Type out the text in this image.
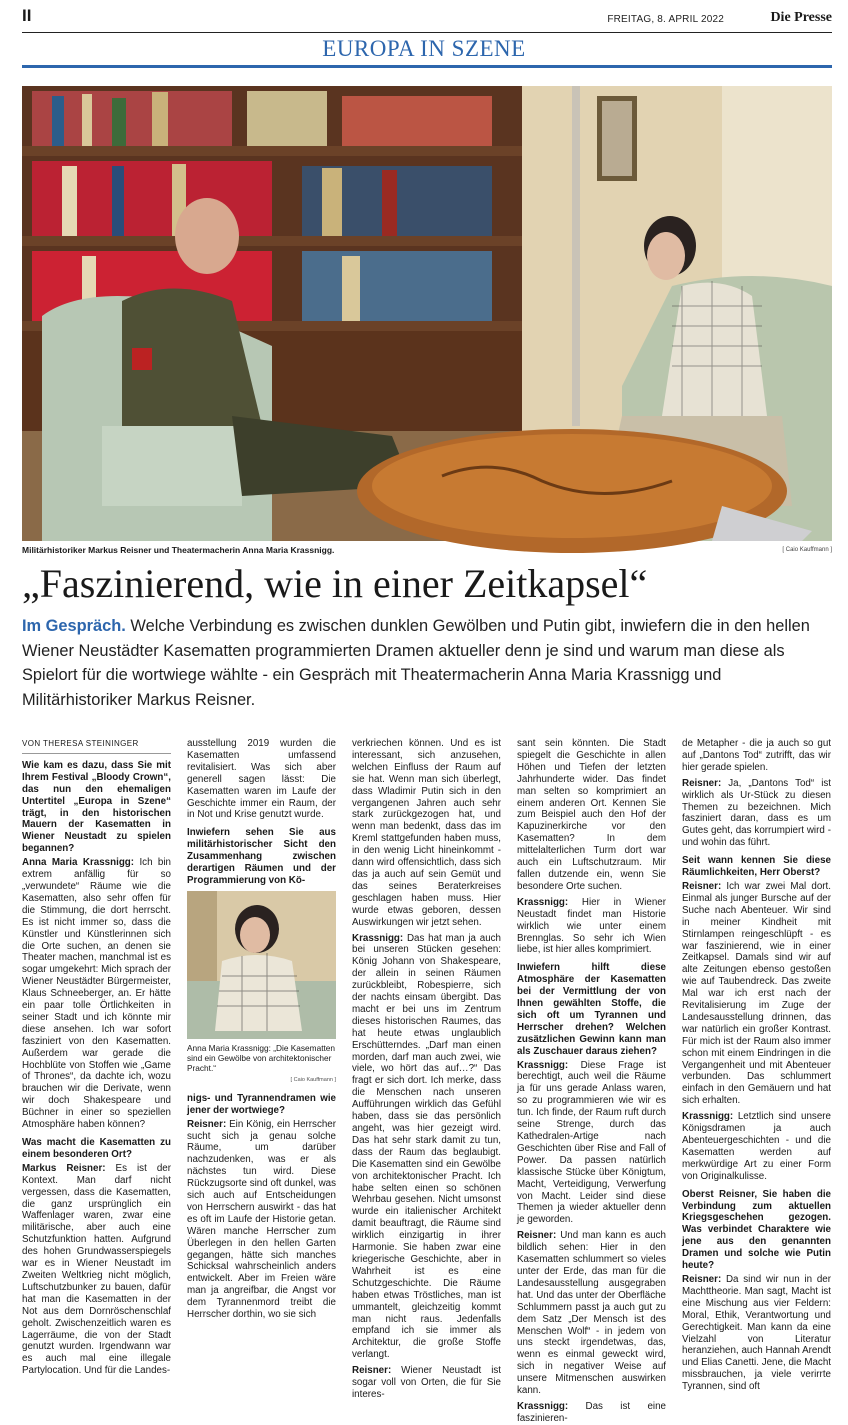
II	FREITAG, 8. APRIL 2022	Die Presse
EUROPA IN SZENE
Militärhistoriker Markus Reisner und Theatermacherin Anna Maria Krassnigg.	[ Caio Kauffmann ]
„Faszinierend, wie in einer Zeitkapsel“
Im Gespräch. Welche Verbindung es zwischen dunklen Gewölben und Putin gibt, inwiefern die in den hellen Wiener Neustädter Kasematten programmierten Dramen aktueller denn je sind und warum man diese als Spielort für die wortwiege wählte - ein Gespräch mit Theatermacherin Anna Maria Krassnigg und Militärhistoriker Markus Reisner.
VON THERESA STEININGER

Wie kam es dazu, dass Sie mit Ihrem Festival „Bloody Crown“, das nun den ehemaligen Untertitel „Europa in Szene“ trägt, in den historischen Mauern der Kasematten in Wiener Neustadt zu spielen begannen?

Anna Maria Krassnigg: Ich bin extrem anfällig für so „verwundete“ Räume wie die Kasematten, also sehr offen für die Stimmung, die dort herrscht. Es ist nicht immer so, dass die Künstler und Künstlerinnen sich die Orte suchen, an denen sie Theater machen, manchmal ist es sogar umgekehrt: Mich sprach der Wiener Neustädter Bürgermeister, Klaus Schneeberger, an. Er hätte ein paar tolle Örtlichkeiten in seiner Stadt und ich könnte mir diese ansehen. Ich war sofort fasziniert von den Kasematten. Außerdem war gerade die Hochblüte von Stoffen wie „Game of Thrones“, da dachte ich, wozu brauchen wir die Derivate, wenn wir doch Shakespeare und Büchner in einer so speziellen Atmosphäre haben können?

Was macht die Kasematten zu einem besonderen Ort?

Markus Reisner: Es ist der Kontext. Man darf nicht vergessen, dass die Kasematten, die ganz ursprünglich ein Waffenlager waren, zwar eine militärische, aber auch eine Schutzfunktion hatten. Aufgrund des hohen Grundwasserspiegels war es in Wiener Neustadt im Zweiten Weltkrieg nicht möglich, Luftschutzbunker zu bauen, dafür hat man die Kasematten in der Not aus dem Dornröschenschlaf geholt. Zwischenzeitlich waren es Lagerräume, die von der Stadt genutzt wurden. Irgendwann war es auch mal eine illegale Partylocation. Und für die Landes-

ausstellung 2019 wurden die Kasematten umfassend revitalisiert. Was sich aber generell sagen lässt: Die Kasematten waren im Laufe der Geschichte immer ein Raum, der in Not und Krise genutzt wurde.

Inwiefern sehen Sie aus militärhistorischer Sicht den Zusammenhang zwischen derartigen Räumen und der Programmierung von Kö-

Anna Maria Krassnigg: „Die Kasematten sind ein Gewölbe von architektonischer Pracht.“
[ Caio Kauffmann ]

nigs- und Tyrannendramen wie jener der wortwiege?

Reisner: Ein König, ein Herrscher sucht sich ja genau solche Räume, um darüber nachzudenken, was er als nächstes tun wird. Diese Rückzugsorte sind oft dunkel, was sich auch auf Entscheidungen von Herrschern auswirkt - das hat es oft im Laufe der Historie getan. Wären manche Herrscher zum Überlegen in den hellen Garten gegangen, hätte sich manches Schicksal wahrscheinlich anders entwickelt. Aber im Freien wäre man ja angreifbar, die Angst vor dem Tyrannenmord treibt die Herrscher dorthin, wo sie sich

verkriechen können. Und es ist interessant, sich anzusehen, welchen Einfluss der Raum auf sie hat. Wenn man sich überlegt, dass Wladimir Putin sich in den vergangenen Jahren auch sehr stark zurückgezogen hat, und wenn man bedenkt, dass das im Kreml stattgefunden haben muss, in den wenig Licht hineinkommt - dann wird offensichtlich, dass sich das ja auch auf sein Gemüt und das seines Beraterkreises geschlagen haben muss. Hier wurde etwas geboren, dessen Auswirkungen wir jetzt sehen.

Krassnigg: Das hat man ja auch bei unseren Stücken gesehen: König Johann von Shakespeare, der allein in seinen Räumen zurückbleibt, Robespierre, sich der nachts einsam übergibt. Das macht er bei uns im Zentrum dieses historischen Raumes, das hat heute etwas unglaublich Erschütterndes. „Darf man einen morden, darf man auch zwei, wie viele, wo hört das auf…?“ Das fragt er sich dort. Ich merke, dass die Menschen nach unseren Aufführungen wirklich das Gefühl haben, dass sie das persönlich angeht, was hier gezeigt wird. Das hat sehr stark damit zu tun, dass der Raum das beglaubigt. Die Kasematten sind ein Gewölbe von architektonischer Pracht. Ich habe selten einen so schönen Wehrbau gesehen. Nicht umsonst wurde ein italienischer Architekt damit beauftragt, die Räume sind wirklich einzigartig in ihrer Harmonie. Sie haben zwar eine kriegerische Geschichte, aber in Wahrheit ist es eine Schutzgeschichte. Die Räume haben etwas Tröstliches, man ist ummantelt, gleichzeitig kommt man nicht raus. Jedenfalls empfand ich sie immer als Architektur, die große Stoffe verlangt.

Reisner: Wiener Neustadt ist sogar voll von Orten, die für Sie interes-

sant sein könnten. Die Stadt spiegelt die Geschichte in allen Höhen und Tiefen der letzten Jahrhunderte wider. Das findet man selten so komprimiert an einem anderen Ort. Kennen Sie zum Beispiel auch den Hof der Kapuzinerkirche vor den Kasematten? In dem mittelalterlichen Turm dort war auch ein Luftschutzraum. Mir fallen dutzende ein, wenn Sie besondere Orte suchen.

Krassnigg: Hier in Wiener Neustadt findet man Historie wirklich wie unter einem Brennglas. So sehr ich Wien liebe, ist hier alles komprimiert.

Inwiefern hilft diese Atmosphäre der Kasematten bei der Vermittlung der von Ihnen gewählten Stoffe, die sich oft um Tyrannen und Herrscher drehen? Welchen zusätzlichen Gewinn kann man als Zuschauer daraus ziehen?

Krassnigg: Diese Frage ist berechtigt, auch weil die Räume ja für uns gerade Anlass waren, so zu programmieren wie wir es tun. Ich finde, der Raum ruft durch seine Strenge, durch das Kathedralen-Artige nach Geschichten über Rise and Fall of Power. Da passen natürlich klassische Stücke über Königtum, Macht, Verteidigung, Verwerfung von Macht. Leider sind diese Themen ja wieder aktueller denn je geworden.

Reisner: Und man kann es auch bildlich sehen: Hier in den Kasematten schlummert so vieles unter der Erde, das man für die Landesausstellung ausgegraben hat. Und das unter der Oberfläche Schlummern passt ja auch gut zu dem Satz „Der Mensch ist des Menschen Wolf“ - in jedem von uns steckt irgendetwas, das, wenn es einmal geweckt wird, sich in negativer Weise auf unsere Mitmenschen auswirken kann.

Krassnigg: Das ist eine faszinieren-

de Metapher - die ja auch so gut auf „Dantons Tod“ zutrifft, das wir hier gerade spielen.

Reisner: Ja, „Dantons Tod“ ist wirklich als Ur-Stück zu diesen Themen zu bezeichnen. Mich fasziniert daran, dass es um Gutes geht, das korrumpiert wird - und wohin das führt.

Seit wann kennen Sie diese Räumlichkeiten, Herr Oberst?

Reisner: Ich war zwei Mal dort. Einmal als junger Bursche auf der Suche nach Abenteuer. Wir sind in meiner Kindheit mit Stirnlampen reingeschlüpft - es war faszinierend, wie in einer Zeitkapsel. Damals sind wir auf alte Zeitungen ebenso gestoßen wie auf Taubendreck. Das zweite Mal war ich erst nach der Revitalisierung im Zuge der Landesausstellung drinnen, das war natürlich ein großer Kontrast. Für mich ist der Raum also immer schon mit einem Eindringen in die Vergangenheit und mit Abenteuer verbunden. Das schlummert einfach in den Gemäuern und hat sich erhalten.

Krassnigg: Letztlich sind unsere Königsdramen ja auch Abenteuergeschichten - und die Kasematten werden auf merkwürdige Art zu einer Form von Originalkulisse.

Oberst Reisner, Sie haben die Verbindung zum aktuellen Kriegsgeschehen gezogen. Was verbindet Charaktere wie jene aus den genannten Dramen und solche wie Putin heute?

Reisner: Da sind wir nun in der Machttheorie. Man sagt, Macht ist eine Mischung aus vier Feldern: Moral, Ethik, Verantwortung und Gerechtigkeit. Man kann da eine Vielzahl von Literatur heranziehen, auch Hannah Arendt und Elias Canetti. Jene, die Macht missbrauchen, ja viele verirrte Tyrannen, sind oft
